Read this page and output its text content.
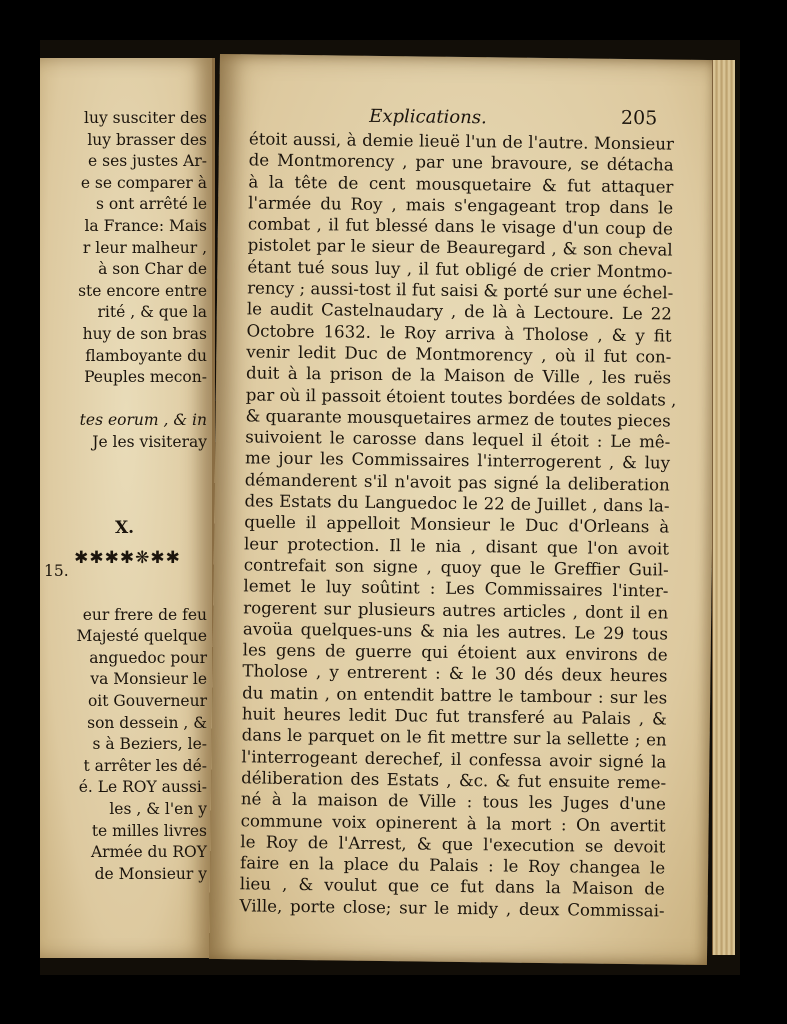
luy susciter des
luy brasser des
e ses justes Ar-
e se comparer à
s ont arrêté le
la France: Mais
r leur malheur ,
à son Char de
ste encore entre
rité , & que la
huy de son bras
flamboyante du
Peuples mecon-
tes eorum , & in
Je les visiteray
X.
15.
eur frere de feu
Majesté quelque
anguedoc pour
va Monsieur le
oit Gouverneur
son dessein , &
s à Beziers, le-
t arrêter les dé-
é. Le ROY aussi-
les , & l'en y
te milles livres
Armée du ROY
de Monsieur y
✱✱✱✱❋✱✱
Explications.	205
étoit aussi, à demie lieuë l'un de l'autre. Monsieur
de Montmorency , par une bravoure, se détacha
à la tête de cent mousquetaire & fut attaquer
l'armée du Roy , mais s'engageant trop dans le
combat , il fut blessé dans le visage d'un coup de
pistolet par le sieur de Beauregard , & son cheval
étant tué sous luy , il fut obligé de crier Montmo-
rency ; aussi-tost il fut saisi & porté sur une échel-
le audit Castelnaudary , de là à Lectoure. Le 22
Octobre 1632. le Roy arriva à Tholose , & y fit
venir ledit Duc de Montmorency , où il fut con-
duit à la prison de la Maison de Ville , les ruës
par où il passoit étoient toutes bordées de soldats ,
& quarante mousquetaires armez de toutes pieces
suivoient le carosse dans lequel il étoit : Le mê-
me jour les Commissaires l'interrogerent , & luy
démanderent s'il n'avoit pas signé la deliberation
des Estats du Languedoc le 22 de Juillet , dans la-
quelle il appelloit Monsieur le Duc d'Orleans à
leur protection. Il le nia , disant que l'on avoit
contrefait son signe , quoy que le Greffier Guil-
lemet le luy soûtint : Les Commissaires l'inter-
rogerent sur plusieurs autres articles , dont il en
avoüa quelques-uns & nia les autres. Le 29 tous
les gens de guerre qui étoient aux environs de
Tholose , y entrerent : & le 30 dés deux heures
du matin , on entendit battre le tambour : sur les
huit heures ledit Duc fut transferé au Palais , &
dans le parquet on le fit mettre sur la sellette ; en
l'interrogeant derechef, il confessa avoir signé la
déliberation des Estats , &c. & fut ensuite reme-
né à la maison de Ville : tous les Juges d'une
commune voix opinerent à la mort : On avertit
le Roy de l'Arrest, & que l'execution se devoit
faire en la place du Palais : le Roy changea le
lieu , & voulut que ce fut dans la Maison de
Ville, porte close; sur le midy , deux Commissai-
